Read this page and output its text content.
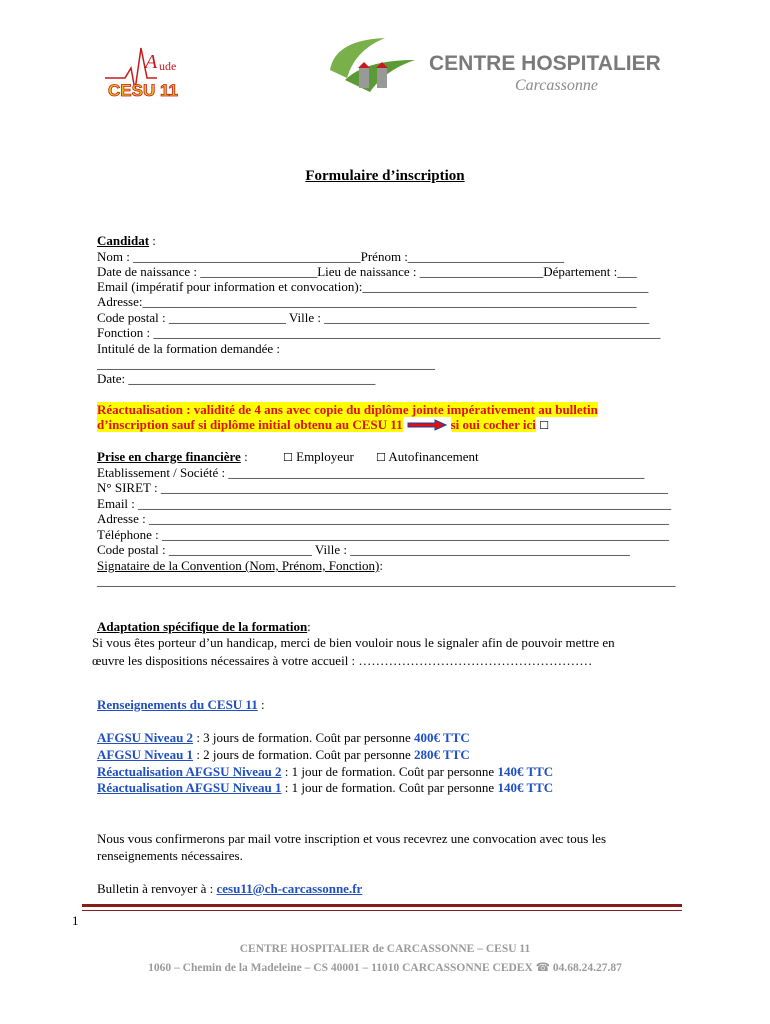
A ude
CESU 11
CENTRE HOSPITALIER
Carcassonne
Formulaire d’inscription
Candidat :
Nom : ___________________________________Prénom :________________________
Date de naissance : __________________Lieu de naissance : ___________________Département :___
Email (impératif pour information et convocation):____________________________________________
Adresse:____________________________________________________________________________
Code postal : __________________ Ville : __________________________________________________
Fonction : ______________________________________________________________________________
Intitulé de la formation demandée :
____________________________________________________
Date: ______________________________________
Réactualisation : validité de 4 ans avec copie du diplôme jointe impérativement au bulletin
d’inscription sauf si diplôme initial obtenu au CESU 11	si oui cocher ici ☐
Prise en charge financière :	☐ Employeur ☐ Autofinancement
Etablissement / Société : ________________________________________________________________
N° SIRET : ______________________________________________________________________________
Email : __________________________________________________________________________________
Adresse : ________________________________________________________________________________
Téléphone : ______________________________________________________________________________
Code postal : ______________________ Ville : ___________________________________________
Signataire de la Convention (Nom, Prénom, Fonction):
_________________________________________________________________________________________
Adaptation spécifique de la formation:
Si vous êtes porteur d’un handicap, merci de bien vouloir nous le signaler afin de pouvoir mettre en
œuvre les dispositions nécessaires à votre accueil : ………………………………………………
Renseignements du CESU 11 :
AFGSU Niveau 2 : 3 jours de formation. Coût par personne 400€ TTC
AFGSU Niveau 1 : 2 jours de formation. Coût par personne 280€ TTC
Réactualisation AFGSU Niveau 2 : 1 jour de formation. Coût par personne 140€ TTC
Réactualisation AFGSU Niveau 1 : 1 jour de formation. Coût par personne 140€ TTC
Nous vous confirmerons par mail votre inscription et vous recevrez une convocation avec tous les
renseignements nécessaires.
Bulletin à renvoyer à : cesu11@ch-carcassonne.fr
1
CENTRE HOSPITALIER de CARCASSONNE – CESU 11
1060 – Chemin de la Madeleine – CS 40001 – 11010 CARCASSONNE CEDEX ☎ 04.68.24.27.87
